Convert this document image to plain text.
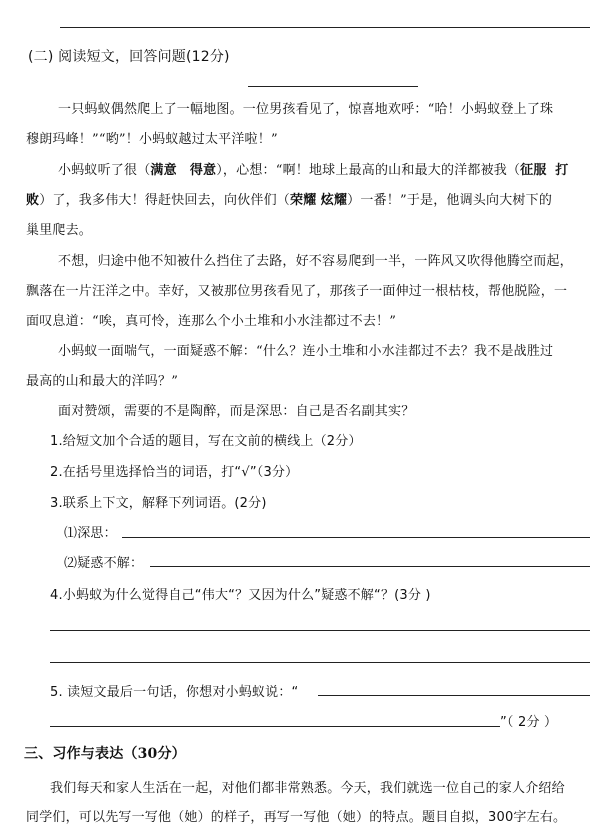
(二) 阅读短文，回答问题(12分)
一只蚂蚁偶然爬上了一幅地图。一位男孩看见了，惊喜地欢呼：“哈！小蚂蚁登上了珠
穆朗玛峰！”“哟”！小蚂蚁越过太平洋啦！”
小蚂蚁听了很（满意 得意），心想：“啊！地球上最高的山和最大的洋都被我（征服 打
败）了，我多伟大！得赶快回去，向伙伴们（荣耀 炫耀）一番！”于是，他调头向大树下的
巢里爬去。
不想，归途中他不知被什么挡住了去路，好不容易爬到一半，一阵风又吹得他腾空而起，
飘落在一片汪洋之中。幸好，又被那位男孩看见了，那孩子一面伸过一根枯枝，帮他脱险，一
面叹息道：“唉，真可怜，连那么个小土堆和小水洼都过不去！”
小蚂蚁一面喘气，一面疑惑不解：“什么？连小土堆和小水洼都过不去？我不是战胜过
最高的山和最大的洋吗？”
面对赞颂，需要的不是陶醉，而是深思：自己是否名副其实？
1.给短文加个合适的题目，写在文前的横线上（2分）
2.在括号里选择恰当的词语，打“√”（3分）
3.联系上下文，解释下列词语。(2分)
⑴深思：
⑵疑惑不解：
4.小蚂蚁为什么觉得自己“伟大“？又因为什么”疑惑不解“？(3分 )
5. 读短文最后一句话，你想对小蚂蚁说：“
”（ 2分 ）
三、习作与表达（30分）
我们每天和家人生活在一起，对他们都非常熟悉。今天，我们就选一位自己的家人介绍给
同学们，可以先写一写他（她）的样子，再写一写他（她）的特点。题目自拟，300字左右。
